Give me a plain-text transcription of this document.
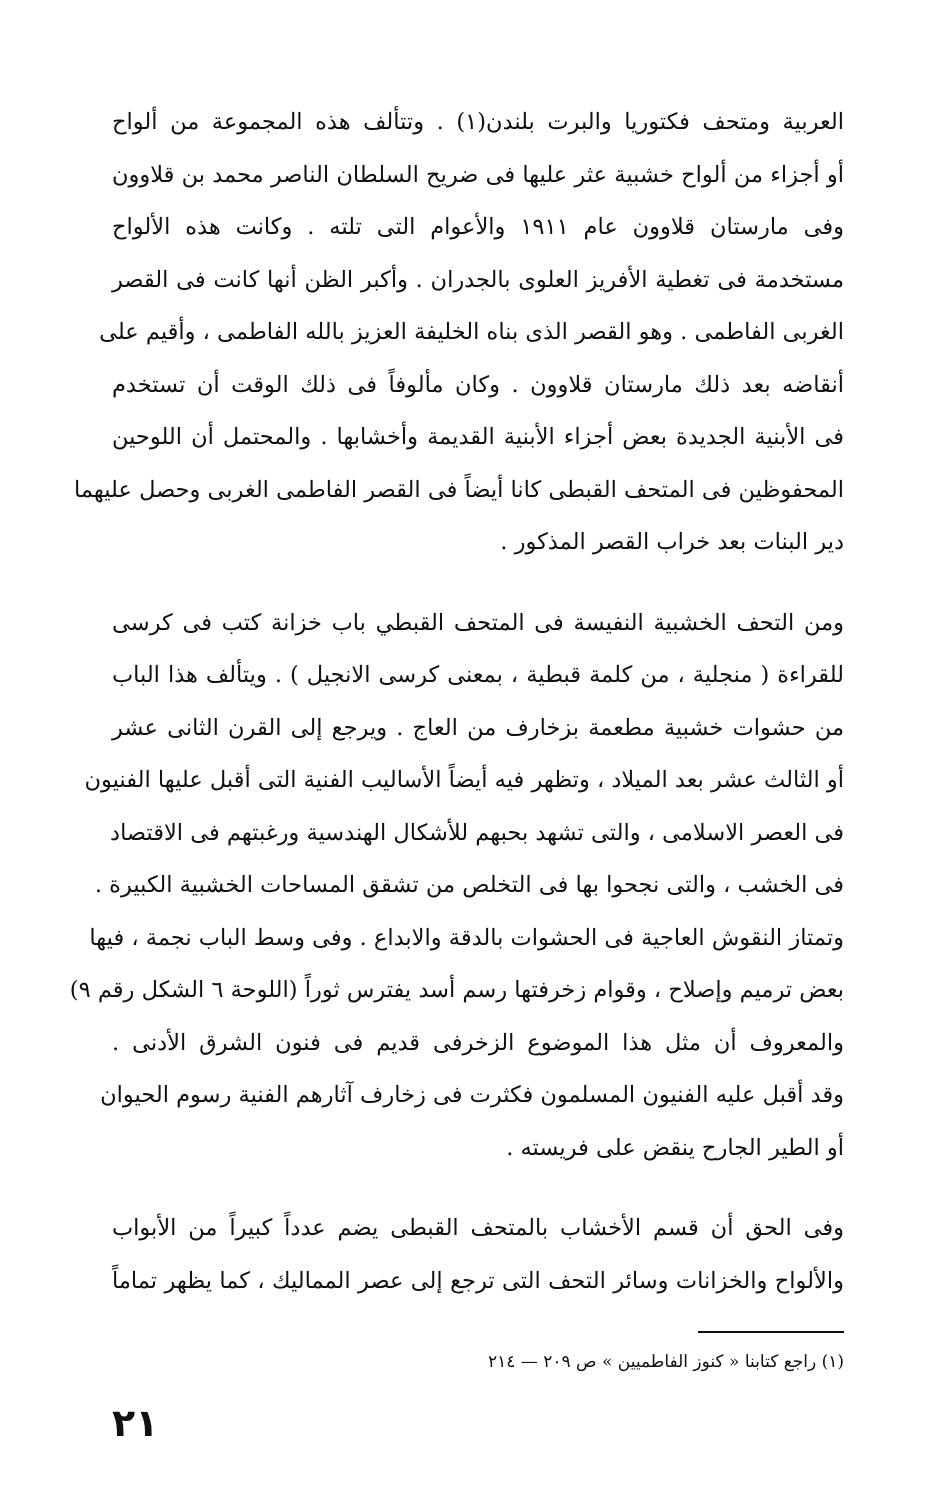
العربية ومتحف فكتوريا والبرت بلندن(١) . وتتألف هذه المجموعة من ألواح
أو أجزاء من ألواح خشبية عثر عليها فى ضريح السلطان الناصر محمد بن قلاوون
وفى مارستان قلاوون عام ١٩١١ والأعوام التى تلته . وكانت هذه الألواح
مستخدمة فى تغطية الأفريز العلوى بالجدران . وأكبر الظن أنها كانت فى القصر
الغربى الفاطمى . وهو القصر الذى بناه الخليفة العزيز بالله الفاطمى ، وأقيم على
أنقاضه بعد ذلك مارستان قلاوون . وكان مألوفاً فى ذلك الوقت أن تستخدم
فى الأبنية الجديدة بعض أجزاء الأبنية القديمة وأخشابها . والمحتمل أن اللوحين
المحفوظين فى المتحف القبطى كانا أيضاً فى القصر الفاطمى الغربى وحصل عليهما
دير البنات بعد خراب القصر المذكور .
ومن التحف الخشبية النفيسة فى المتحف القبطي باب خزانة كتب فى كرسى
للقراءة ( منجلية ، من كلمة قبطية ، بمعنى كرسى الانجيل ) . ويتألف هذا الباب
من حشوات خشبية مطعمة بزخارف من العاج . ويرجع إلى القرن الثانى عشر
أو الثالث عشر بعد الميلاد ، وتظهر فيه أيضاً الأساليب الفنية التى أقبل عليها الفنيون
فى العصر الاسلامى ، والتى تشهد بحبهم للأشكال الهندسية ورغبتهم فى الاقتصاد
فى الخشب ، والتى نجحوا بها فى التخلص من تشقق المساحات الخشبية الكبيرة .
وتمتاز النقوش العاجية فى الحشوات بالدقة والابداع . وفى وسط الباب نجمة ، فيها
بعض ترميم وإصلاح ، وقوام زخرفتها رسم أسد يفترس ثوراً (اللوحة ٦ الشكل رقم ٩)
والمعروف أن مثل هذا الموضوع الزخرفى قديم فى فنون الشرق الأدنى .
وقد أقبل عليه الفنيون المسلمون فكثرت فى زخارف آثارهم الفنية رسوم الحيوان
أو الطير الجارح ينقض على فريسته .
وفى الحق أن قسم الأخشاب بالمتحف القبطى يضم عدداً كبيراً من الأبواب
والألواح والخزانات وسائر التحف التى ترجع إلى عصر المماليك ، كما يظهر تماماً
(١) راجع كتابنا « كنوز الفاطميين » ص ٢٠٩ — ٢١٤
٢١
